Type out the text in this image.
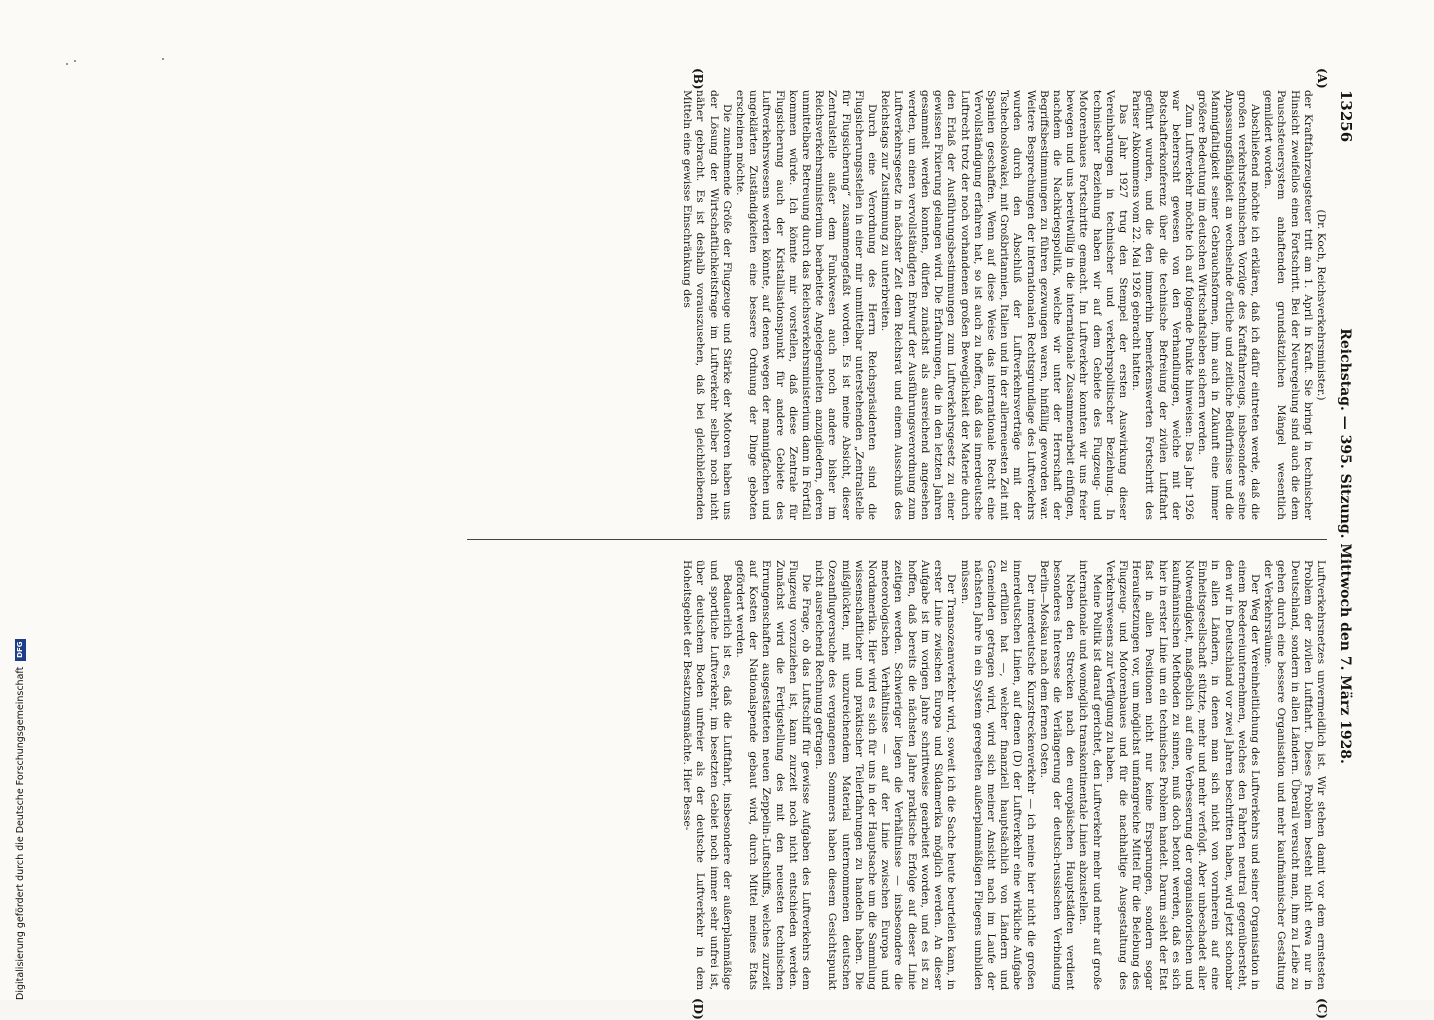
13256
Reichstag. — 395. Sitzung. Mittwoch den 7. März 1928.
(A)
(B)
(C)
(D)

(Dr. Koch, Reichsverkehrsminister.)

der Kraftfahrzeugsteuer tritt am 1. April in Kraft. Sie bringt in technischer Hinsicht zweifellos einen Fortschritt. Bei der Neuregelung sind auch die dem Pauschsteuersystem anhaftenden grundsätzlichen Mängel wesentlich gemildert worden.

Abschließend möchte ich erklären, daß ich dafür eintreten werde, daß die großen verkehrstechnischen Vorzüge des Kraftfahrzeugs, insbesondere seine Anpassungsfähigkeit an wechselnde örtliche und zeitliche Bedürfnisse und die Mannigfaltigkeit seiner Gebrauchsformen, ihm auch in Zukunft eine immer größere Bedeutung im deutschen Wirtschaftsleben sichern werden.

Zum Luftverkehr möchte ich auf folgende Punkte hinweisen: Das Jahr 1926 war beherrscht gewesen von den Verhandlungen, welche mit der Botschafterkonferenz über die technische Befreiung der zivilen Luftfahrt geführt wurden, und die den immerhin bemerkenswerten Fortschritt des Pariser Abkommens vom 22. Mai 1926 gebracht hatten.

Das Jahr 1927 trug den Stempel der ersten Auswirkung dieser Vereinbarungen in technischer und verkehrspolitischer Beziehung. In technischer Beziehung haben wir auf dem Gebiete des Flugzeug- und Motorenbaues Fortschritte gemacht. Im Luftverkehr konnten wir uns freier bewegen und uns bereitwillig in die internationale Zusammenarbeit einfügen, nachdem die Nachkriegspolitik, welche wir unter der Herrschaft der Begriffsbestimmungen zu führen gezwungen waren, hinfällig geworden war. Weitere Besprechungen der internationalen Rechtsgrundlage des Luftverkehrs wurden durch den Abschluß der Luftverkehrsverträge mit der Tschechoslowakei, mit Großbritannien, Italien und in der allerneuesten Zeit mit Spanien geschaffen. Wenn auf diese Weise das internationale Recht eine Vervollständigung erfahren hat, so ist auch zu hoffen, daß das innerdeutsche Luftrecht trotz der noch vorhandenen großen Beweglichkeit der Materie durch den Erlaß der Ausführungsbestimmungen zum Luftverkehrsgesetz zu einer gewissen Fixierung gelangen wird. Die Erfahrungen, die in den letzten Jahren gesammelt werden konnten, dürfen zunächst als ausreichend angesehen werden, um einen vervollständigten Entwurf der Ausführungsverordnung zum Luftverkehrsgesetz in nächster Zeit dem Reichsrat und einem Ausschuß des Reichstags zur Zustimmung zu unterbreiten.

Durch eine Verordnung des Herrn Reichspräsidenten sind die Flugsicherungsstellen in einer mir unmittelbar unterstehenden „Zentralstelle für Flugsicherung“ zusammengefaßt worden. Es ist meine Absicht, dieser Zentralstelle außer dem Funkwesen auch noch andere bisher im Reichsverkehrsministerium bearbeitete Angelegenheiten anzugliedern, deren unmittelbare Betreuung durch das Reichsverkehrsministerium dann in Fortfall kommen würde. Ich könnte mir vorstellen, daß diese Zentrale für Flugsicherung auch der Kristallisationspunkt für andere Gebiete des Luftverkehrswesens werden könnte, auf denen wegen der mannigfachen und ungeklärten Zuständigkeiten eine bessere Ordnung der Dinge geboten erscheinen möchte.

Die zunehmende Größe der Flugzeuge und Stärke der Motoren haben uns der Lösung der Wirtschaftlichkeitsfrage im Luftverkehr selber noch nicht näher gebracht. Es ist deshalb vorauszusehen, daß bei gleichbleibenden Mitteln eine gewisse Einschränkung des

Luftverkehrsnetzes unvermeidlich ist. Wir stehen damit vor dem ernstesten Problem der zivilen Luftfahrt. Dieses Problem besteht nicht etwa nur in Deutschland, sondern in allen Ländern. Überall versucht man, ihm zu Leibe zu gehen durch eine bessere Organisation und mehr kaufmännischer Gestaltung der Verkehrsräume.

Der Weg der Vereinheitlichung des Luftverkehrs und seiner Organisation in einem Reedereiunternehmen, welches den Fahrten neutral gegenübersteht, den wir in Deutschland vor zwei Jahren beschritten haben, wird jetzt schonbar in allen Ländern, in denen man sich nicht von vornherein auf eine Einheitsgesellschaft stützte, mehr und mehr verfolgt. Aber unbeschadet aller Notwendigkeit, maßgeblich auf eine Verbesserung der organisatorischen und kaufmännischen Methoden zu sinnen, muß doch betont werden, daß es sich hier in erster Linie um ein technisches Problem handelt. Darum sieht der Etat fast in allen Positionen nicht nur keine Ersparungen, sondern sogar Heraufsetzungen vor, um möglichst umfangreiche Mittel für die Belebung des Flugzeug- und Motorenbaues und für die nachhaltige Ausgestaltung des Verkehrswesens zur Verfügung zu haben.

Meine Politik ist darauf gerichtet, den Luftverkehr mehr und mehr auf große internationale und womöglich transkontinentale Linien abzustellen.

Neben den Strecken nach den europäischen Hauptstädten verdient besonderes Interesse die Verlängerung der deutsch-russischen Verbindung Berlin—Moskau nach dem fernen Osten.

Der innerdeutsche Kurzstreckenverkehr — ich meine hier nicht die großen innerdeutschen Linien, auf denen (D) der Luftverkehr eine wirkliche Aufgabe zu erfüllen hat —, welcher finanziell hauptsächlich von Ländern und Gemeinden getragen wird, wird sich meiner Ansicht nach im Laufe der nächsten Jahre in ein System geregelten außerplanmäßigen Fliegens umbilden müssen.

Der Transozeanverkehr wird, soweit ich die Sache heute beurteilen kann, in erster Linie zwischen Europa und Südamerika möglich werden. An dieser Aufgabe ist im vorigen Jahre schrittweise gearbeitet worden, und es ist zu hoffen, daß bereits die nächsten Jahre praktische Erfolge auf dieser Linie zeitigen werden. Schwieriger liegen die Verhältnisse — insbesondere die meteorologischen Verhältnisse — auf der Linie zwischen Europa und Nordamerika. Hier wird es sich für uns in der Hauptsache um die Sammlung wissenschaftlicher und praktischer Teilerfahrungen zu handeln haben. Die mißglückten, mit unzureichendem Material unternommenen deutschen Ozeanflugversuche des vergangenen Sommers haben diesem Gesichtspunkt nicht ausreichend Rechnung getragen.

Die Frage, ob das Luftschiff für gewisse Aufgaben des Luftverkehrs dem Flugzeug vorzuziehen ist, kann zurzeit noch nicht entschieden werden. Zunächst wird die Fertigstellung des mit den neuesten technischen Errungenschaften ausgestatteten neuen Zeppelin-Luftschiffs, welches zurzeit auf Kosten der Nationalspende gebaut wird, durch Mittel meines Etats gefördert werden.

Bedauerlich ist es, daß die Luftfahrt, insbesondere der außerplanmäßige und sportliche Luftverkehr, im besetzten Gebiet noch immer sehr unfrei ist, über deutschem Boden unfreier als der deutsche Luftverkehr in dem Hoheitsgebiet der Besatzungsmächte. Hier Besse-

Digitalisierung gefördert durch die Deutsche Forschungsgemeinschaft
DFG
